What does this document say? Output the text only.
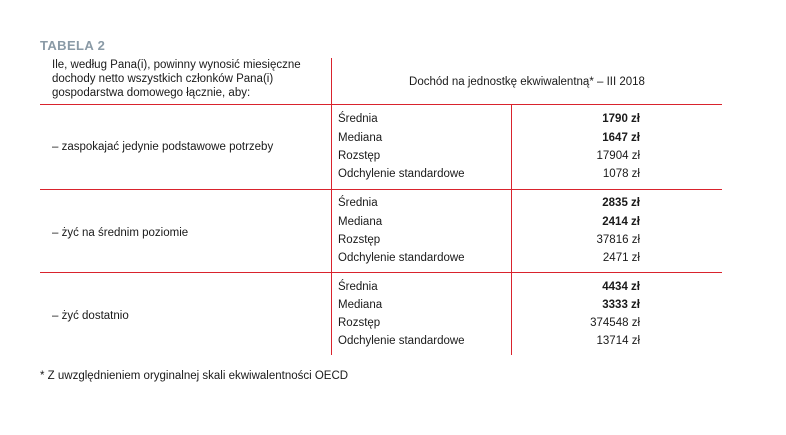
TABELA 2
Ile, według Pana(i), powinny wynosić miesięczne dochody netto wszystkich członków Pana(i) gospodarstwa domowego łącznie, aby:
Dochód na jednostkę ekwiwalentną* – III 2018
– zaspokajać jedynie podstawowe potrzeby
Średnia	1790 zł
Mediana	1647 zł
Rozstęp	17904 zł
Odchylenie standardowe	1078 zł
– żyć na średnim poziomie
Średnia	2835 zł
Mediana	2414 zł
Rozstęp	37816 zł
Odchylenie standardowe	2471 zł
– żyć dostatnio
Średnia	4434 zł
Mediana	3333 zł
Rozstęp	374548 zł
Odchylenie standardowe	13714 zł
* Z uwzględnieniem oryginalnej skali ekwiwalentności OECD
